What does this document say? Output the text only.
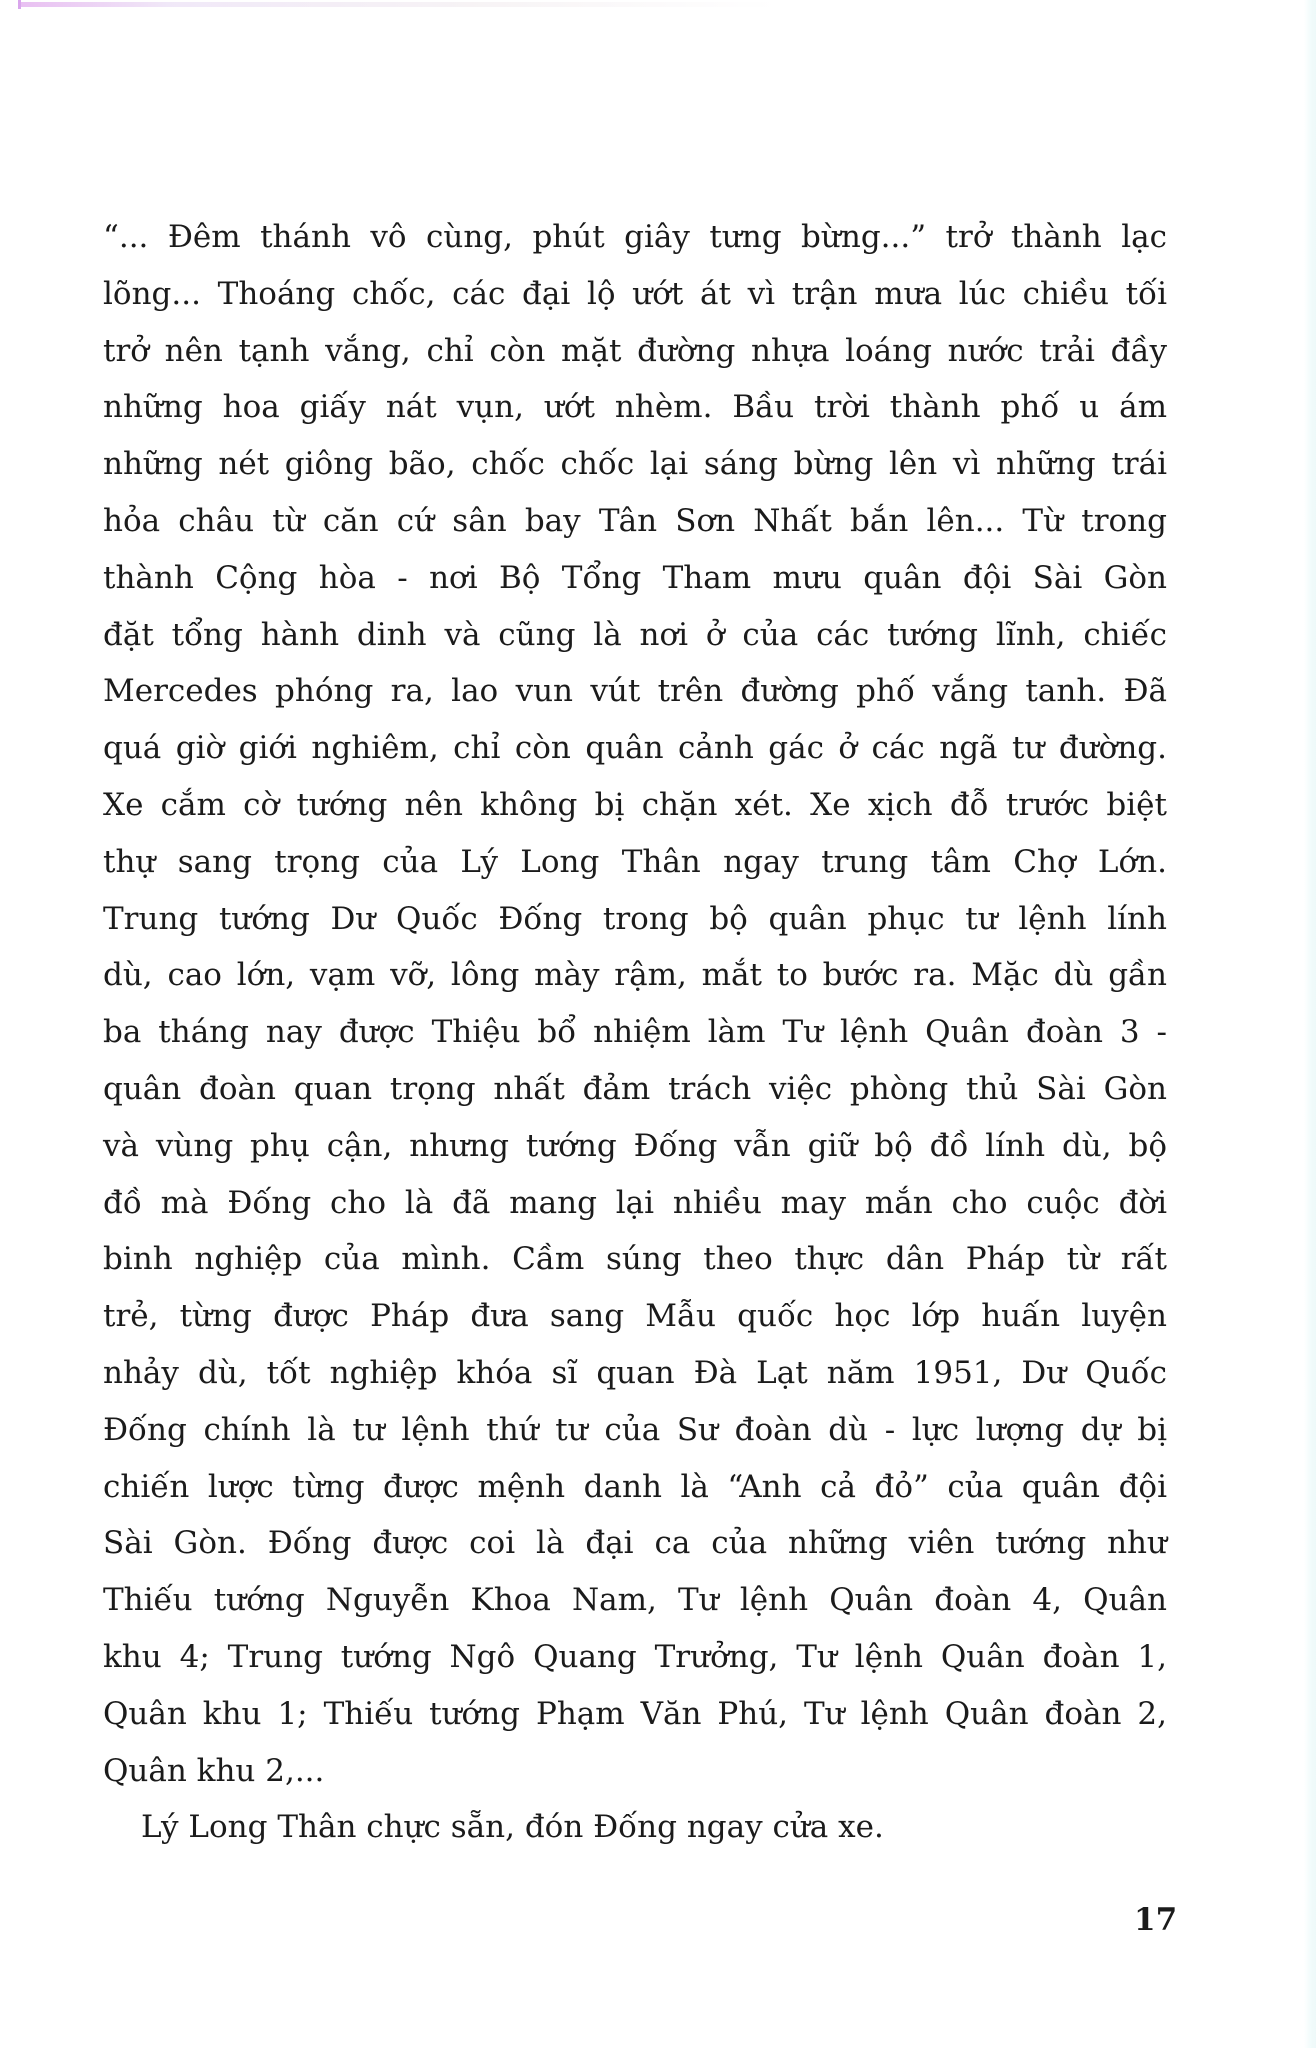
“... Đêm thánh vô cùng, phút giây tưng bừng...” trở thành lạc
lõng... Thoáng chốc, các đại lộ ướt át vì trận mưa lúc chiều tối
trở nên tạnh vắng, chỉ còn mặt đường nhựa loáng nước trải đầy
những hoa giấy nát vụn, ướt nhèm. Bầu trời thành phố u ám
những nét giông bão, chốc chốc lại sáng bừng lên vì những trái
hỏa châu từ căn cứ sân bay Tân Sơn Nhất bắn lên... Từ trong
thành Cộng hòa - nơi Bộ Tổng Tham mưu quân đội Sài Gòn
đặt tổng hành dinh và cũng là nơi ở của các tướng lĩnh, chiếc
Mercedes phóng ra, lao vun vút trên đường phố vắng tanh. Đã
quá giờ giới nghiêm, chỉ còn quân cảnh gác ở các ngã tư đường.
Xe cắm cờ tướng nên không bị chặn xét. Xe xịch đỗ trước biệt
thự sang trọng của Lý Long Thân ngay trung tâm Chợ Lớn.
Trung tướng Dư Quốc Đống trong bộ quân phục tư lệnh lính
dù, cao lớn, vạm vỡ, lông mày rậm, mắt to bước ra. Mặc dù gần
ba tháng nay được Thiệu bổ nhiệm làm Tư lệnh Quân đoàn 3 -
quân đoàn quan trọng nhất đảm trách việc phòng thủ Sài Gòn
và vùng phụ cận, nhưng tướng Đống vẫn giữ bộ đồ lính dù, bộ
đồ mà Đống cho là đã mang lại nhiều may mắn cho cuộc đời
binh nghiệp của mình. Cầm súng theo thực dân Pháp từ rất
trẻ, từng được Pháp đưa sang Mẫu quốc học lớp huấn luyện
nhảy dù, tốt nghiệp khóa sĩ quan Đà Lạt năm 1951, Dư Quốc
Đống chính là tư lệnh thứ tư của Sư đoàn dù - lực lượng dự bị
chiến lược từng được mệnh danh là “Anh cả đỏ” của quân đội
Sài Gòn. Đống được coi là đại ca của những viên tướng như
Thiếu tướng Nguyễn Khoa Nam, Tư lệnh Quân đoàn 4, Quân
khu 4; Trung tướng Ngô Quang Trưởng, Tư lệnh Quân đoàn 1,
Quân khu 1; Thiếu tướng Phạm Văn Phú, Tư lệnh Quân đoàn 2,
Quân khu 2,...
Lý Long Thân chực sẵn, đón Đống ngay cửa xe.
17
